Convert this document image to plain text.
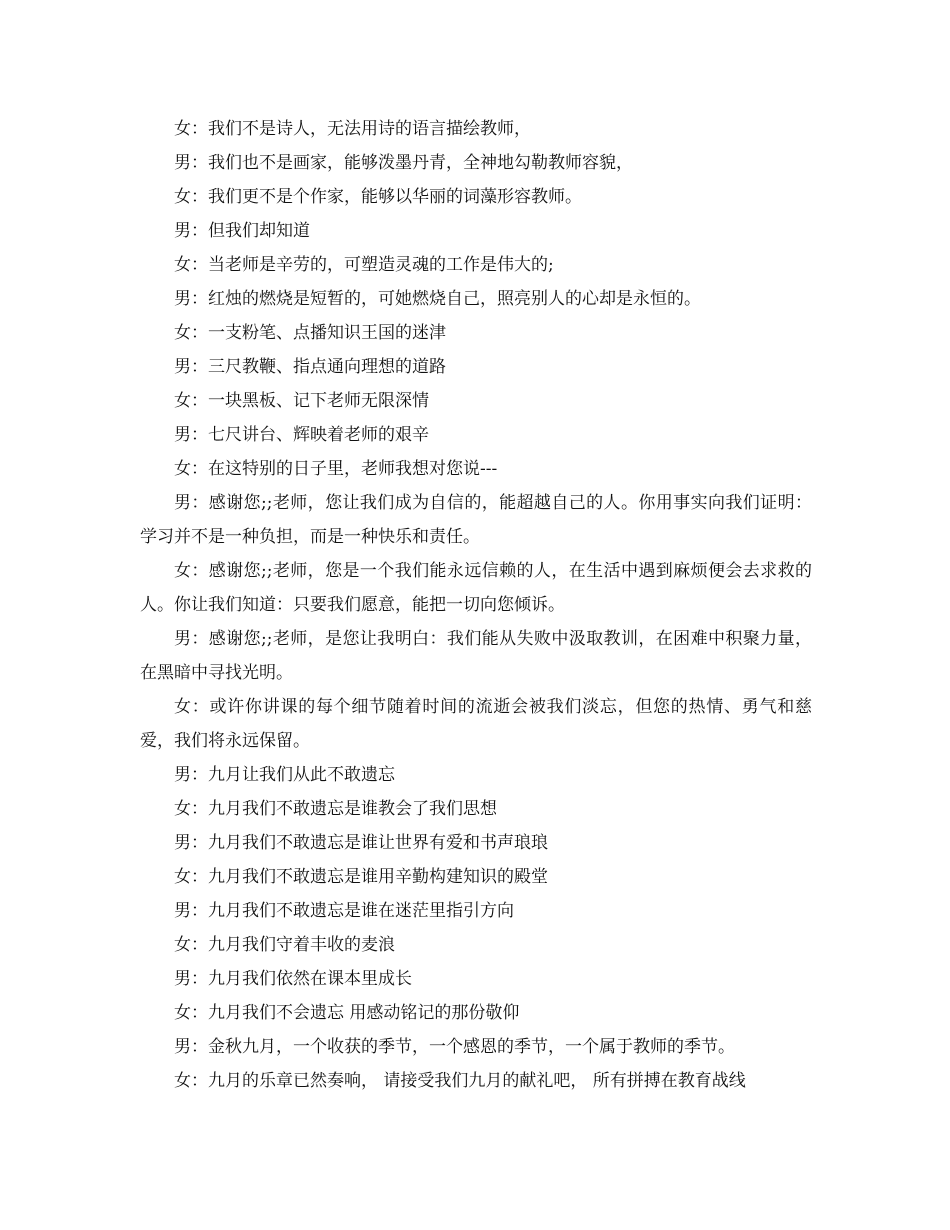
女：我们不是诗人，无法用诗的语言描绘教师，

男：我们也不是画家，能够泼墨丹青，全神地勾勒教师容貌，

女：我们更不是个作家，能够以华丽的词藻形容教师。

男：但我们却知道

女：当老师是辛劳的，可塑造灵魂的工作是伟大的;

男：红烛的燃烧是短暂的，可她燃烧自己，照亮别人的心却是永恒的。

女：一支粉笔、点播知识王国的迷津

男：三尺教鞭、指点通向理想的道路

女：一块黑板、记下老师无限深情

男：七尺讲台、辉映着老师的艰辛

女：在这特别的日子里，老师我想对您说---

男：感谢您;;老师，您让我们成为自信的，能超越自己的人。你用事实向我们证明：学习并不是一种负担，而是一种快乐和责任。

女：感谢您;;老师，您是一个我们能永远信赖的人，在生活中遇到麻烦便会去求救的人。你让我们知道：只要我们愿意，能把一切向您倾诉。

男：感谢您;;老师，是您让我明白：我们能从失败中汲取教训，在困难中积聚力量，在黑暗中寻找光明。

女：或许你讲课的每个细节随着时间的流逝会被我们淡忘，但您的热情、勇气和慈爱，我们将永远保留。

男：九月让我们从此不敢遗忘

女：九月我们不敢遗忘是谁教会了我们思想

男：九月我们不敢遗忘是谁让世界有爱和书声琅琅

女：九月我们不敢遗忘是谁用辛勤构建知识的殿堂

男：九月我们不敢遗忘是谁在迷茫里指引方向

女：九月我们守着丰收的麦浪

男：九月我们依然在课本里成长

女：九月我们不会遗忘 用感动铭记的那份敬仰

男：金秋九月，一个收获的季节，一个感恩的季节，一个属于教师的季节。

女：九月的乐章已然奏响， 请接受我们九月的献礼吧， 所有拼搏在教育战线
